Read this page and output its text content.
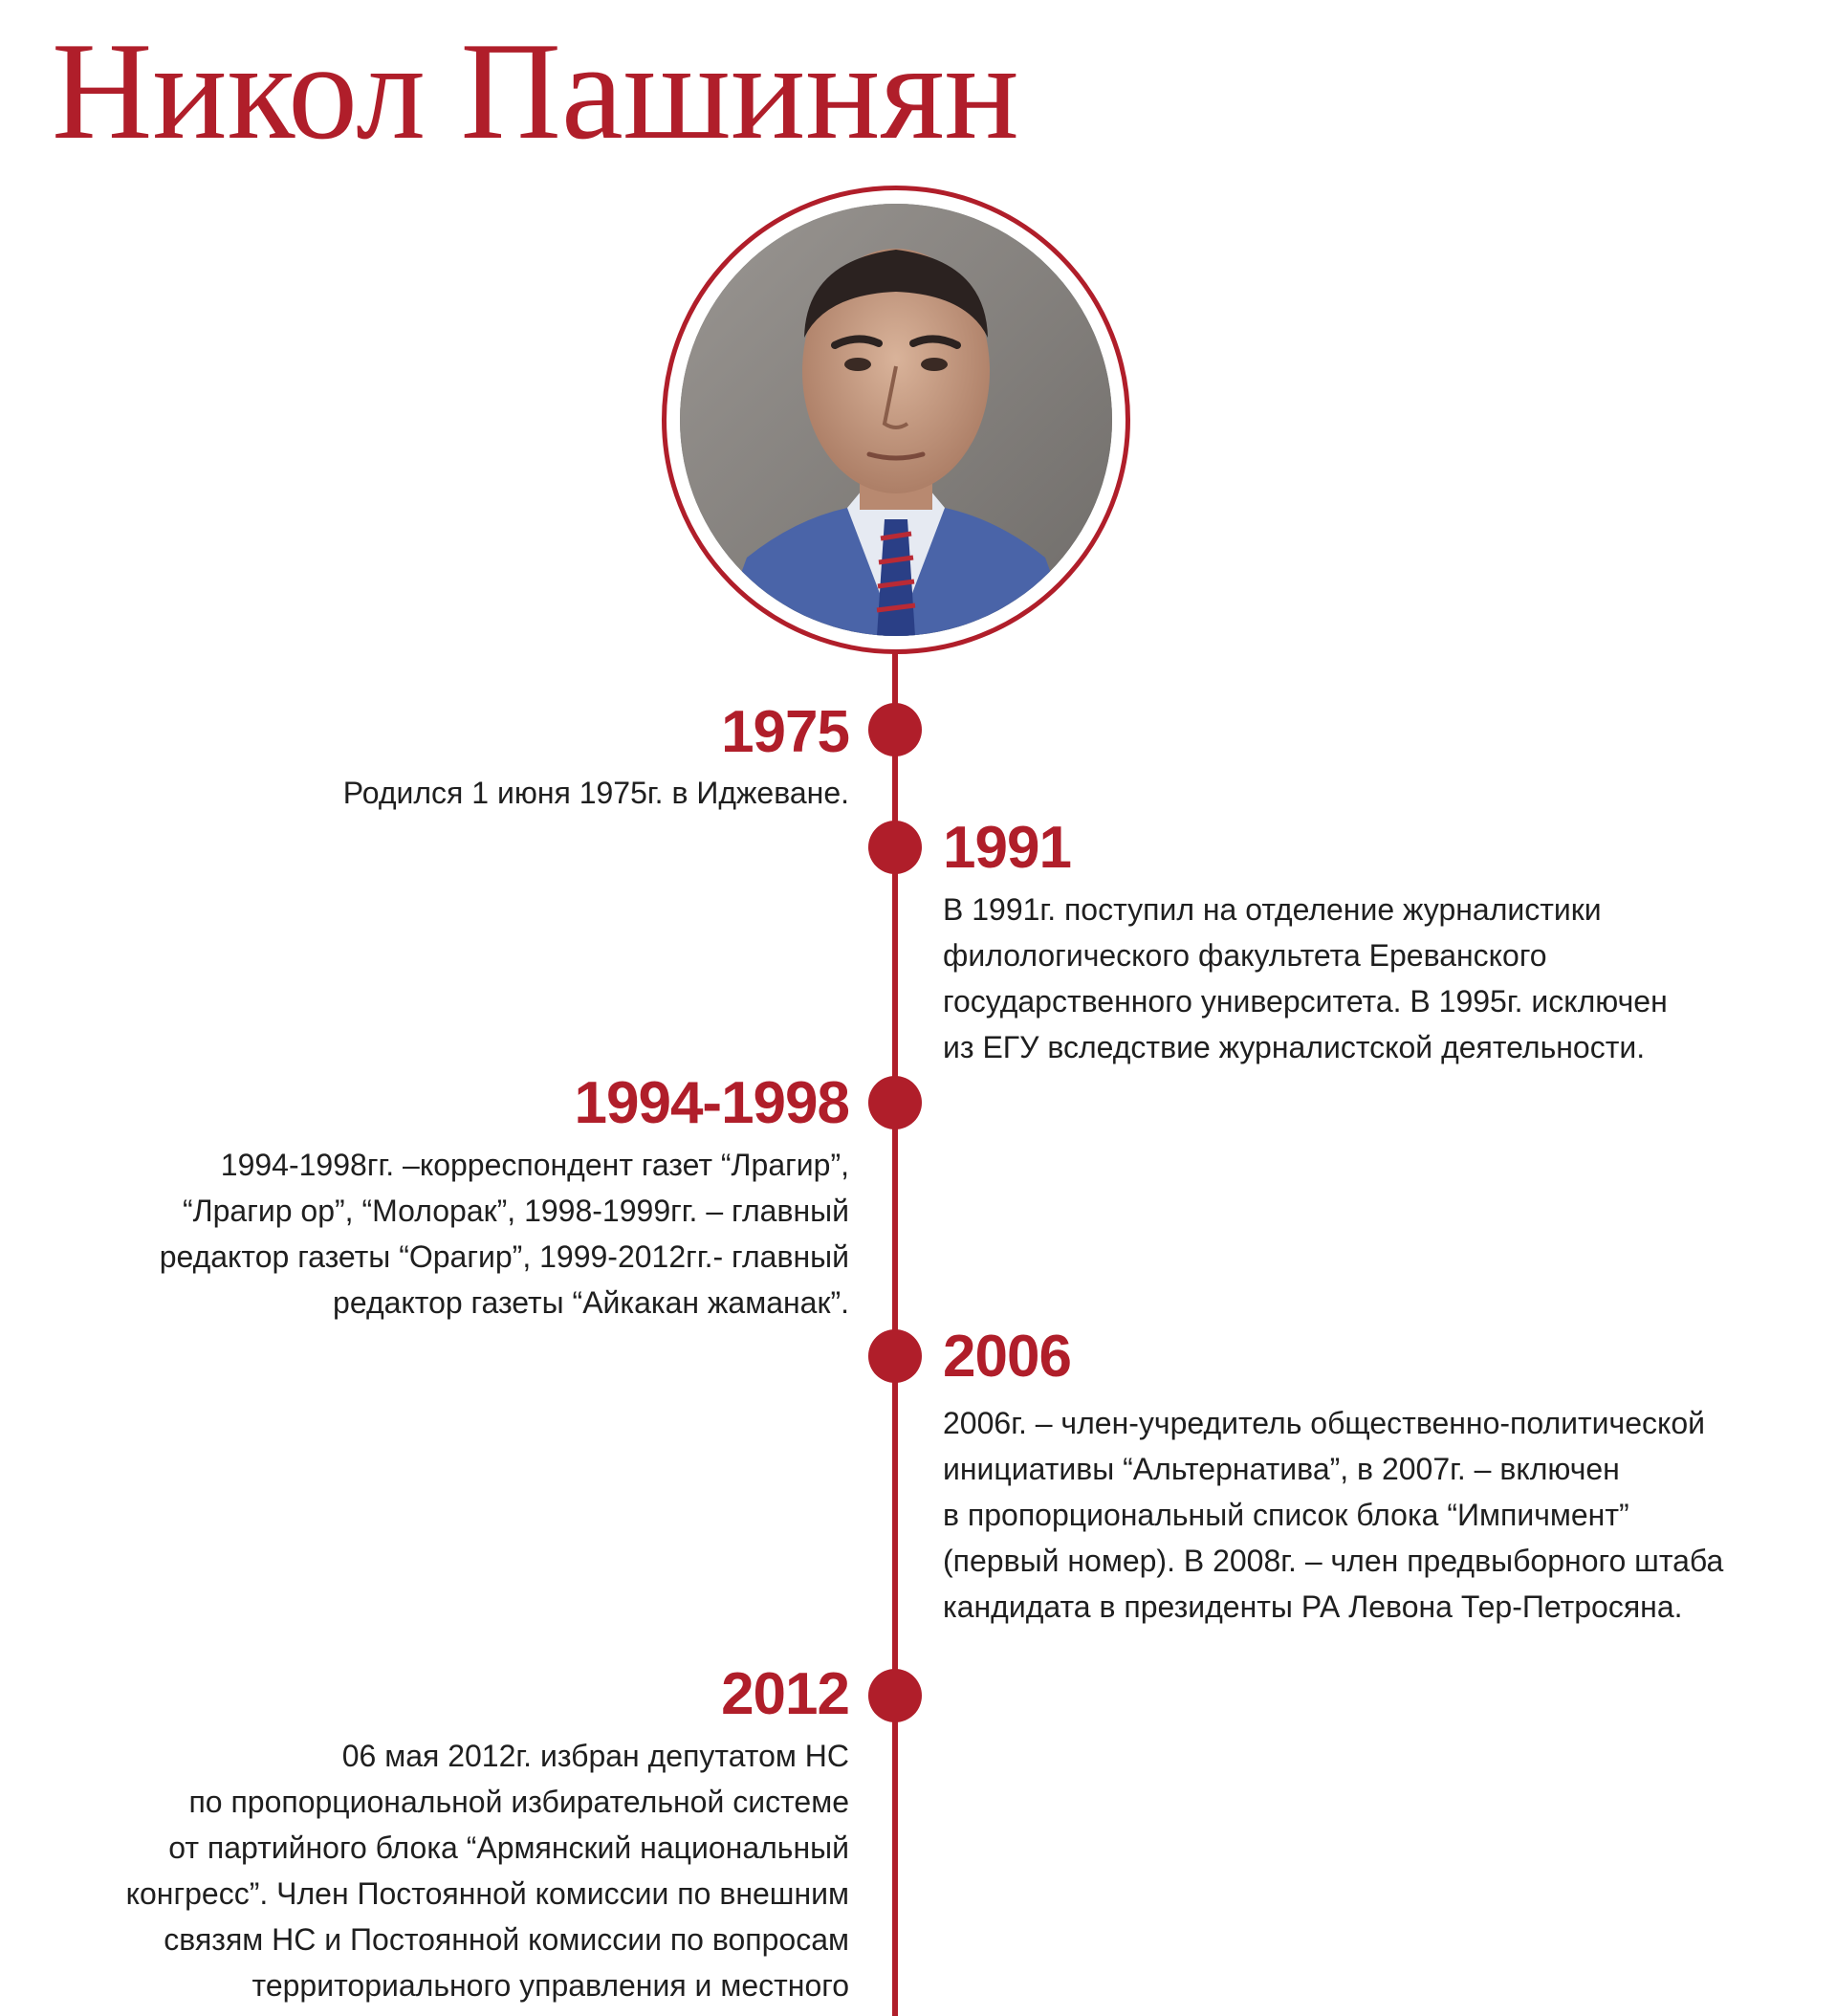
Никол Пашинян
1975

Родился 1 июня 1975г. в Иджеване.

1991

В 1991г. поступил на отделение журналистики
филологического факультета Ереванского
государственного университета. В 1995г. исключен
из ЕГУ вследствие журналистской деятельности.

1994-1998

1994-1998гг. –корреспондент газет “Лрагир”,
“Лрагир ор”, “Молорак”, 1998-1999гг. – главный
редактор газеты “Орагир”, 1999-2012гг.- главный
редактор газеты “Айкакан жаманак”.

2006

2006г. – член-учредитель общественно-политической
инициативы “Альтернатива”, в 2007г. – включен
в пропорциональный список блока “Импичмент”
(первый номер). В 2008г. – член предвыборного штаба
кандидата в президенты РА Левона Тер-Петросяна.

2012

06 мая 2012г. избран депутатом НС
по пропорциональной избирательной системе
от партийного блока “Армянский национальный
конгресс”. Член Постоянной комиссии по внешним
связям НС и Постоянной комиссии по вопросам
территориального управления и местного
